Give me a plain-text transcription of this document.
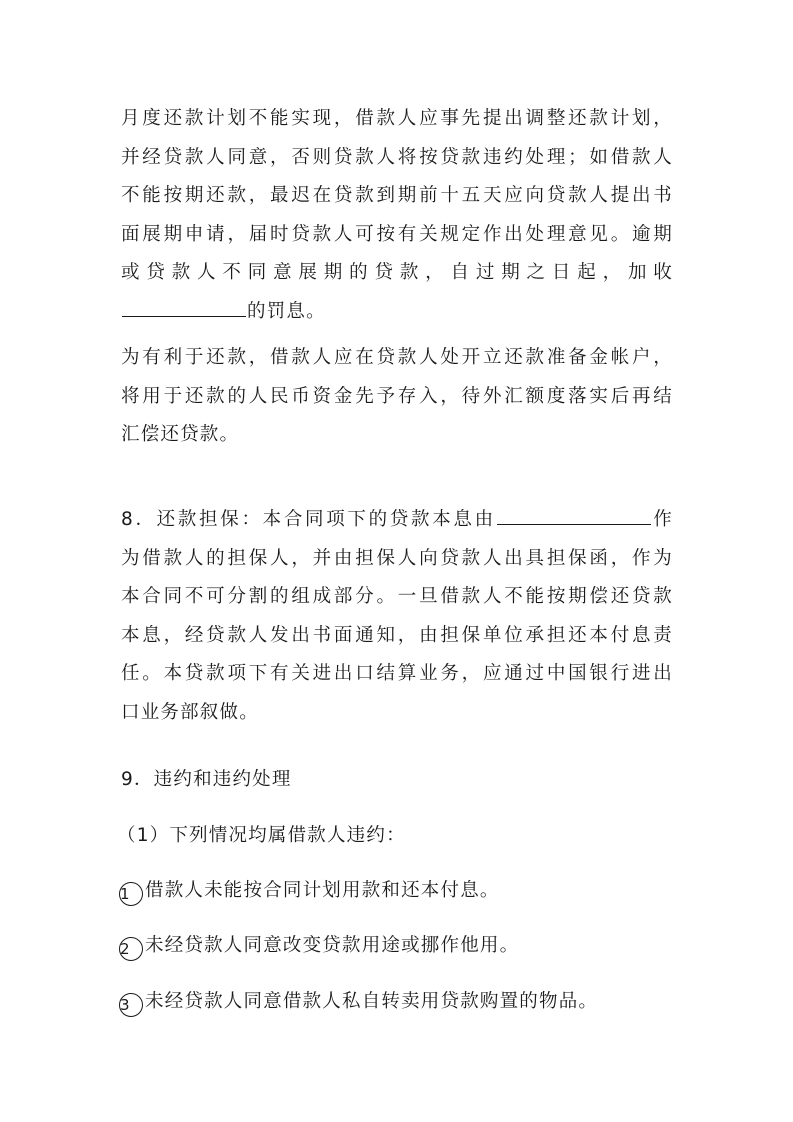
月度还款计划不能实现，借款人应事先提出调整还款计划，
并经贷款人同意，否则贷款人将按贷款违约处理；如借款人
不能按期还款，最迟在贷款到期前十五天应向贷款人提出书
面展期申请，届时贷款人可按有关规定作出处理意见。逾期
或贷款人不同意展期的贷款，自过期之日起，加收
的罚息。
为有利于还款，借款人应在贷款人处开立还款准备金帐户，
将用于还款的人民币资金先予存入，待外汇额度落实后再结
汇偿还贷款。
8．还款担保：本合同项下的贷款本息由	作
为借款人的担保人，并由担保人向贷款人出具担保函，作为
本合同不可分割的组成部分。一旦借款人不能按期偿还贷款
本息，经贷款人发出书面通知，由担保单位承担还本付息责
任。本贷款项下有关进出口结算业务，应通过中国银行进出
口业务部叙做。
9．违约和违约处理
（1）下列情况均属借款人违约：
1 借款人未能按合同计划用款和还本付息。
2 未经贷款人同意改变贷款用途或挪作他用。
3 未经贷款人同意借款人私自转卖用贷款购置的物品。
